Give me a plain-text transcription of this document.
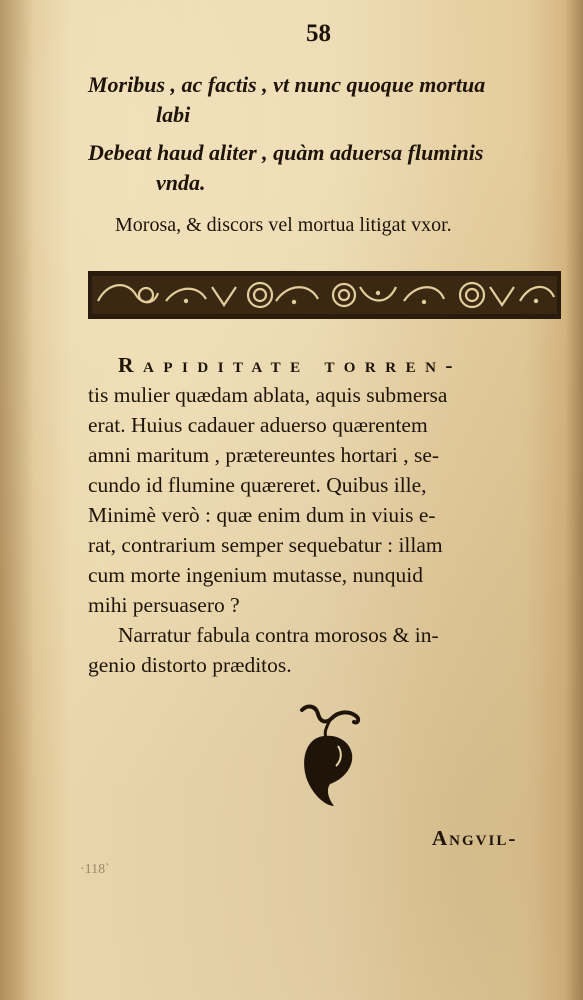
58
Moribus , ac factis , vt nunc quoque mortua
labi
Debeat haud aliter , quàm aduersa fluminis
vnda.
Morosa, & discors vel mortua litigat vxor.
Rapiditate torren-
tis mulier quædam ablata, aquis submersa
erat. Huius cadauer aduerso quærentem
amni maritum , prætereuntes hortari , se-
cundo id flumine quæreret. Quibus ille,
Minimè verò : quæ enim dum in viuis e-
rat, contrarium semper sequebatur : illam
cum morte ingenium mutasse, nunquid
mihi persuasero ?
Narratur fabula contra morosos & in-
genio distorto præditos.
Angvil-
·118`
